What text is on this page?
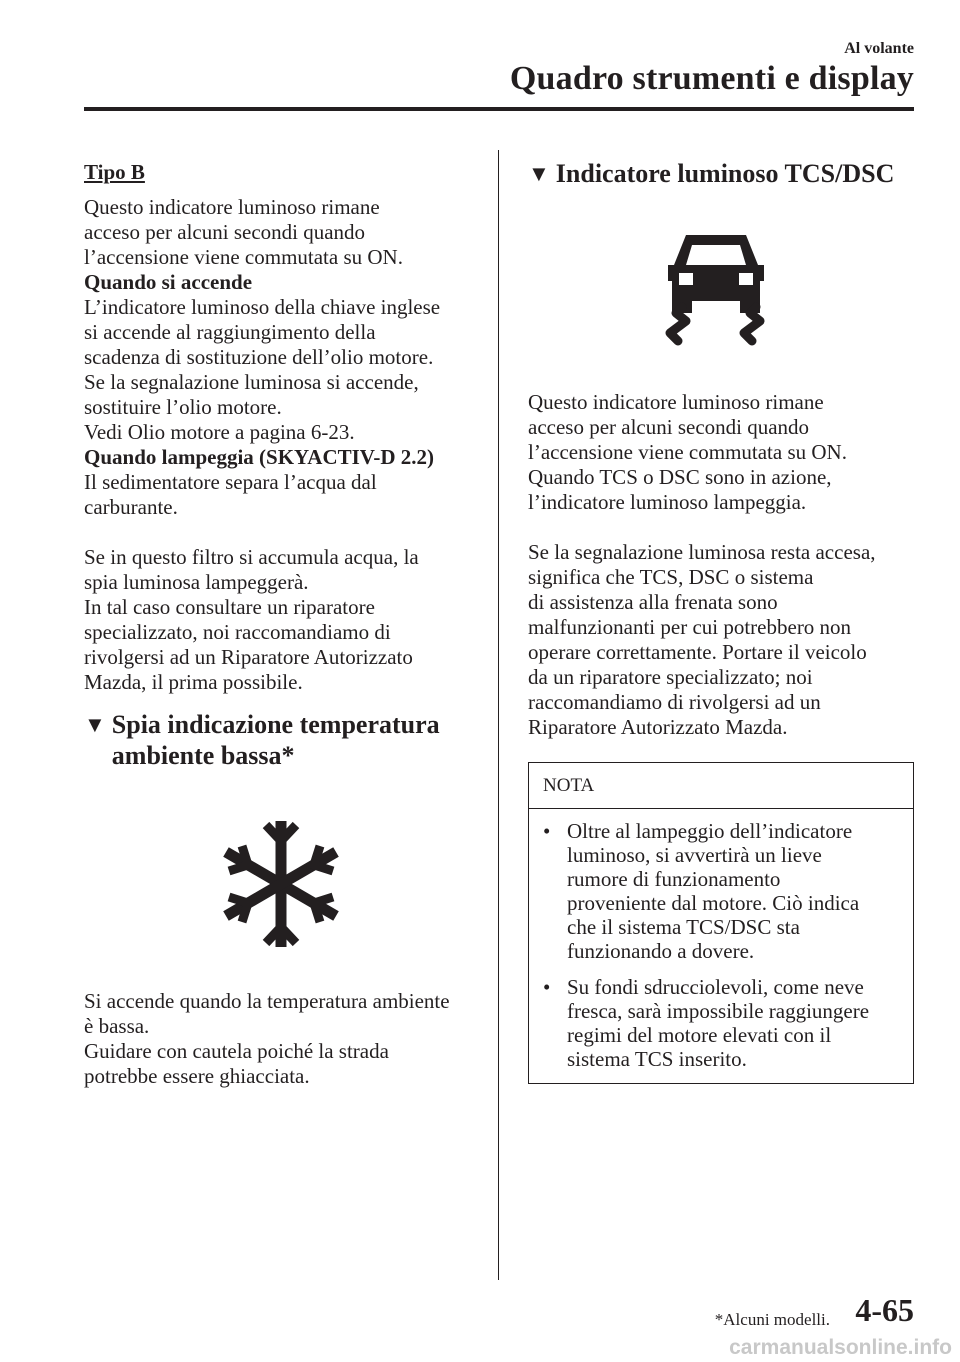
Al volante
Quadro strumenti e display

Tipo B

Questo indicatore luminoso rimane
acceso per alcuni secondi quando
l’accensione viene commutata su ON.

Quando si accende

L’indicatore luminoso della chiave inglese
si accende al raggiungimento della
scadenza di sostituzione dell’olio motore.
Se la segnalazione luminosa si accende,
sostituire l’olio motore.
Vedi Olio motore a pagina 6-23.

Quando lampeggia (SKYACTIV-D 2.2)

Il sedimentatore separa l’acqua dal
carburante.

Se in questo filtro si accumula acqua, la
spia luminosa lampeggerà.
In tal caso consultare un riparatore
specializzato, noi raccomandiamo di
rivolgersi ad un Riparatore Autorizzato
Mazda, il prima possibile.

▼ Spia indicazione temperatura
ambiente bassa*

Si accende quando la temperatura ambiente
è bassa.
Guidare con cautela poiché la strada
potrebbe essere ghiacciata.

▼ Indicatore luminoso TCS/DSC

Questo indicatore luminoso rimane
acceso per alcuni secondi quando
l’accensione viene commutata su ON.
Quando TCS o DSC sono in azione,
l’indicatore luminoso lampeggia.

Se la segnalazione luminosa resta accesa,
significa che TCS, DSC o sistema
di assistenza alla frenata sono
malfunzionanti per cui potrebbero non
operare correttamente. Portare il veicolo
da un riparatore specializzato; noi
raccomandiamo di rivolgersi ad un
Riparatore Autorizzato Mazda.

NOTA
• Oltre al lampeggio dell’indicatore
luminoso, si avvertirà un lieve
rumore di funzionamento
proveniente dal motore. Ciò indica
che il sistema TCS/DSC sta
funzionando a dovere.
• Su fondi sdrucciolevoli, come neve
fresca, sarà impossibile raggiungere
regimi del motore elevati con il
sistema TCS inserito.
*Alcuni modelli. 4-65
carmanualsonline.info
